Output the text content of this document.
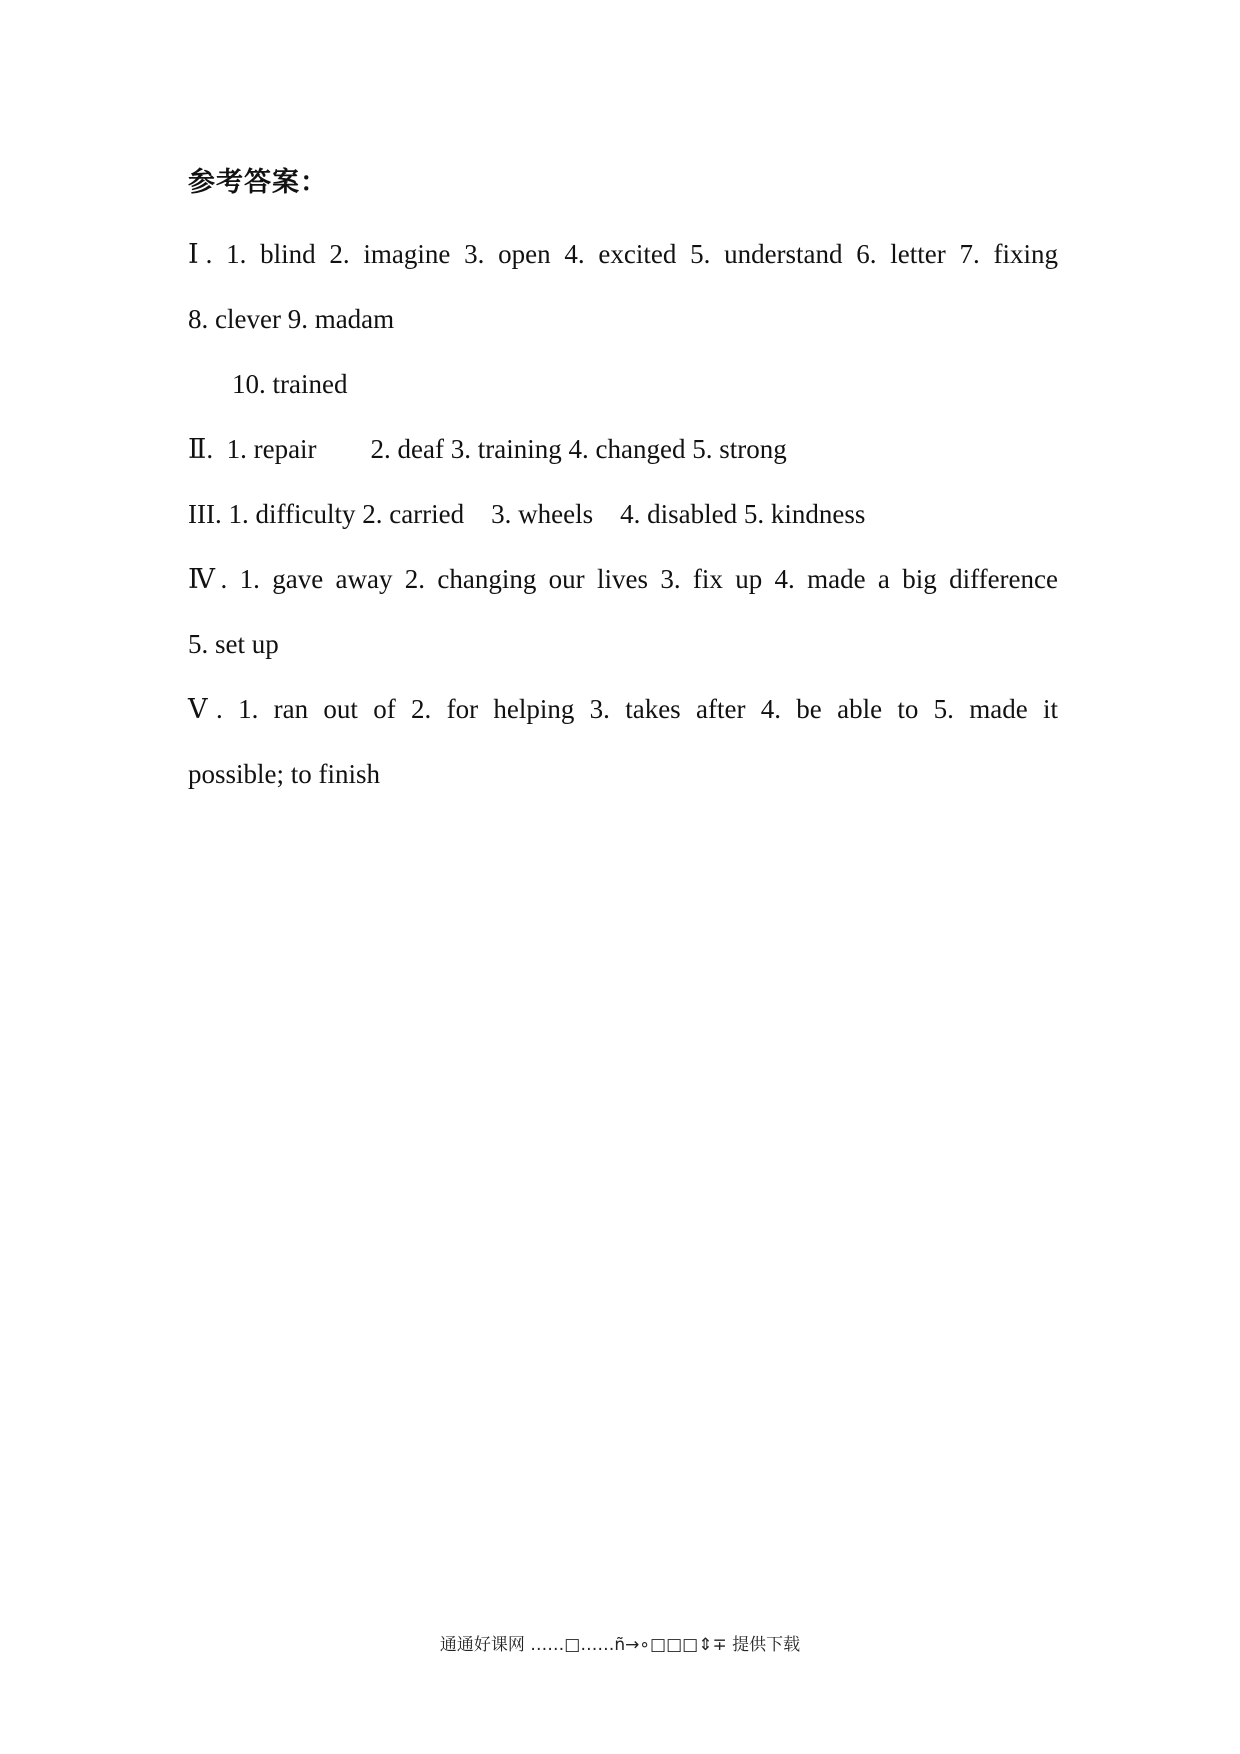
参考答案：

Ⅰ. 1. blind 2. imagine 3. open 4. excited 5. understand 6. letter 7. fixing

8. clever 9. madam

10. trained

Ⅱ.  1. repair        2. deaf 3. training 4. changed 5. strong

III. 1. difficulty 2. carried    3. wheels    4. disabled 5. kindness

Ⅳ. 1. gave away 2. changing our lives 3. fix up 4. made a big difference

5. set up

Ⅴ. 1. ran out of 2. for helping 3. takes after 4. be able to 5. made it

possible; to finish

通通好课网 ……□……ñ→∘□□□⇕∓ 提供下载
